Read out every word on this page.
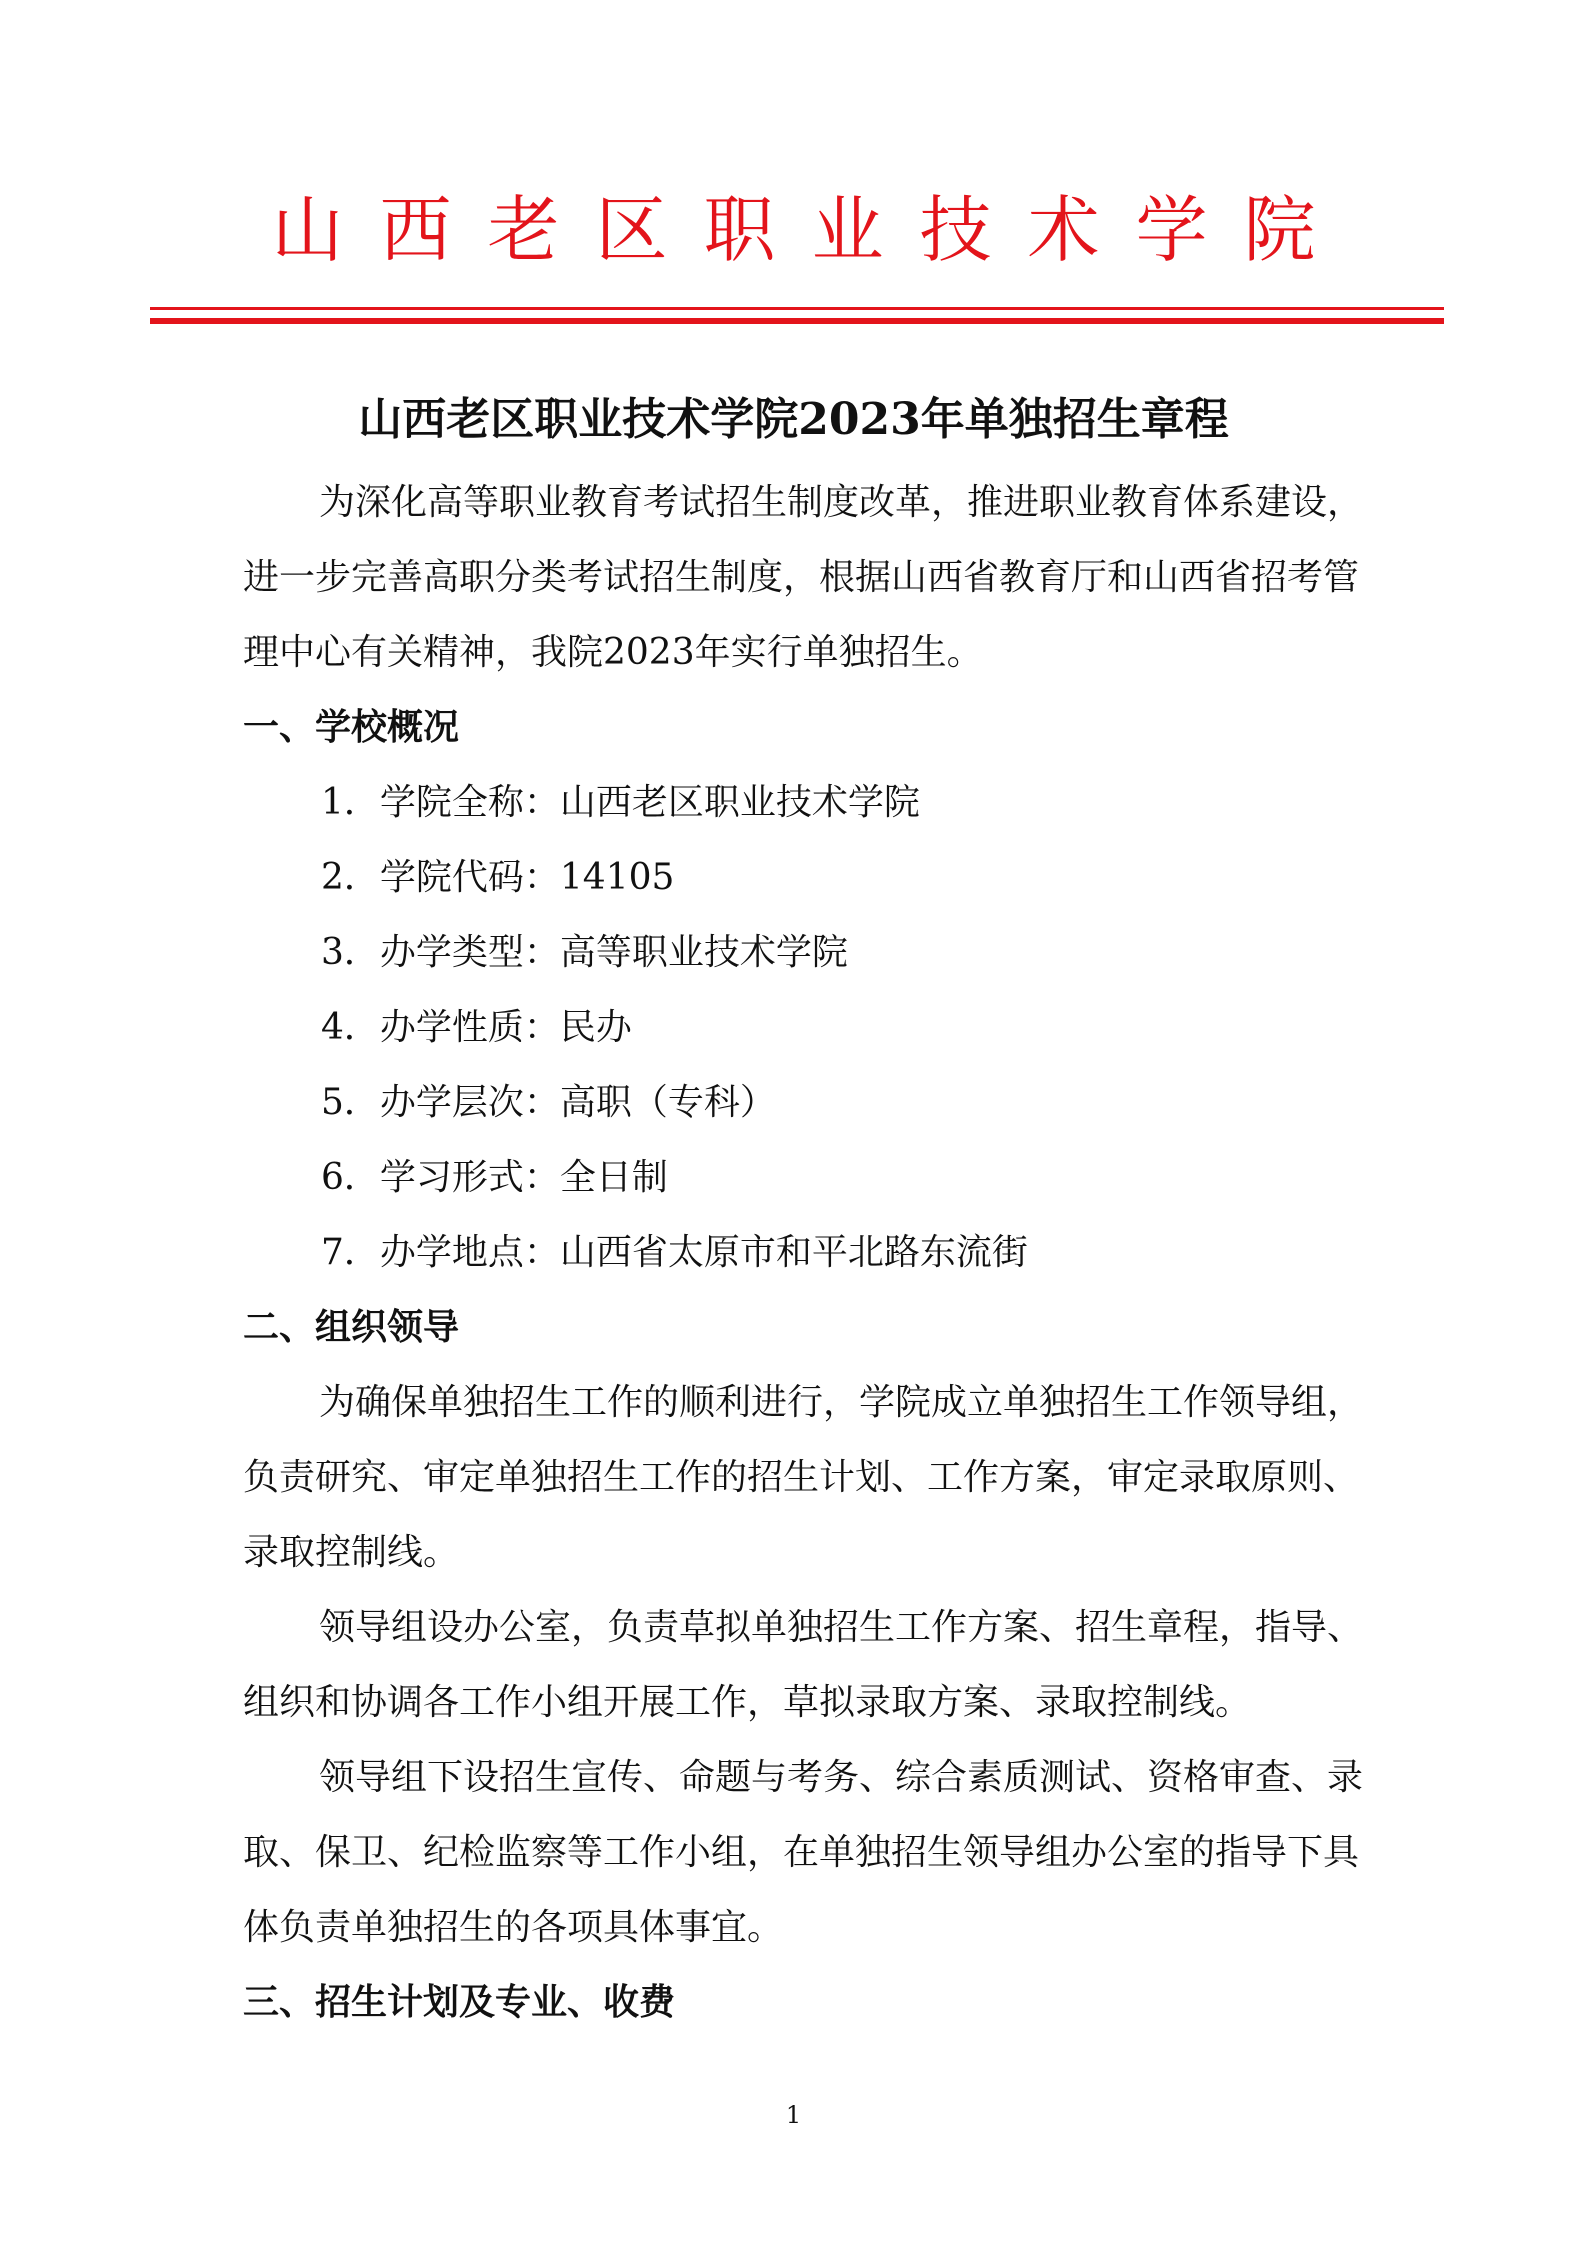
山西老区职业技术学院
山西老区职业技术学院2023年单独招生章程

为深化高等职业教育考试招生制度改革，推进职业教育体系建设，进一步完善高职分类考试招生制度，根据山西省教育厅和山西省招考管理中心有关精神，我院2023年实行单独招生。

一、学校概况

1．学院全称：山西老区职业技术学院

2．学院代码：14105

3．办学类型：高等职业技术学院

4．办学性质：民办

5．办学层次：高职（专科）

6．学习形式：全日制

7．办学地点：山西省太原市和平北路东流街

二、组织领导

为确保单独招生工作的顺利进行，学院成立单独招生工作领导组，负责研究、审定单独招生工作的招生计划、工作方案，审定录取原则、录取控制线。

领导组设办公室，负责草拟单独招生工作方案、招生章程，指导、组织和协调各工作小组开展工作，草拟录取方案、录取控制线。

领导组下设招生宣传、命题与考务、综合素质测试、资格审查、录取、保卫、纪检监察等工作小组，在单独招生领导组办公室的指导下具体负责单独招生的各项具体事宜。

三、招生计划及专业、收费

1
